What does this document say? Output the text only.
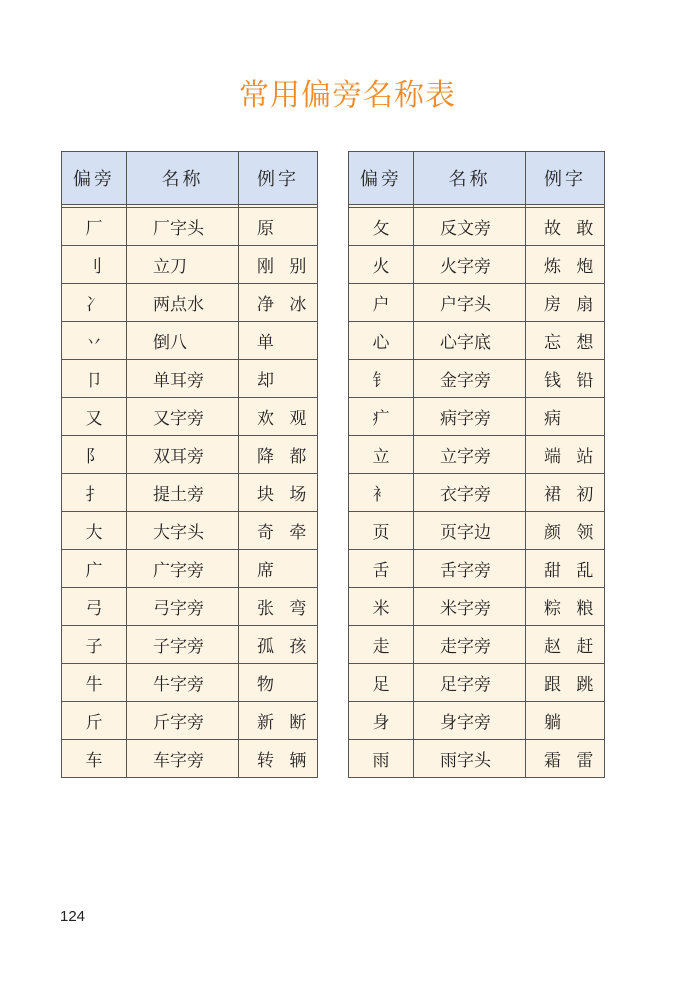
常用偏旁名称表
偏旁	名称	例字

厂	厂字头	原
刂	立刀	刚 别
冫	两点水	净 冰
丷	倒八	单
卩	单耳旁	却
又	又字旁	欢 观
阝	双耳旁	降 都
扌	提土旁	块 场
大	大字头	奇 牵
广	广字旁	席
弓	弓字旁	张 弯
子	子字旁	孤 孩
牛	牛字旁	物
斤	斤字旁	新 断
车	车字旁	转 辆
偏旁	名称	例字

攵	反文旁	故 敢
火	火字旁	炼 炮
户	户字头	房 扇
心	心字底	忘 想
钅	金字旁	钱 铅
疒	病字旁	病
立	立字旁	端 站
衤	衣字旁	裙 初
页	页字边	颜 领
舌	舌字旁	甜 乱
米	米字旁	粽 粮
走	走字旁	赵 赶
足	足字旁	跟 跳
身	身字旁	躺
雨	雨字头	霜 雷
124
